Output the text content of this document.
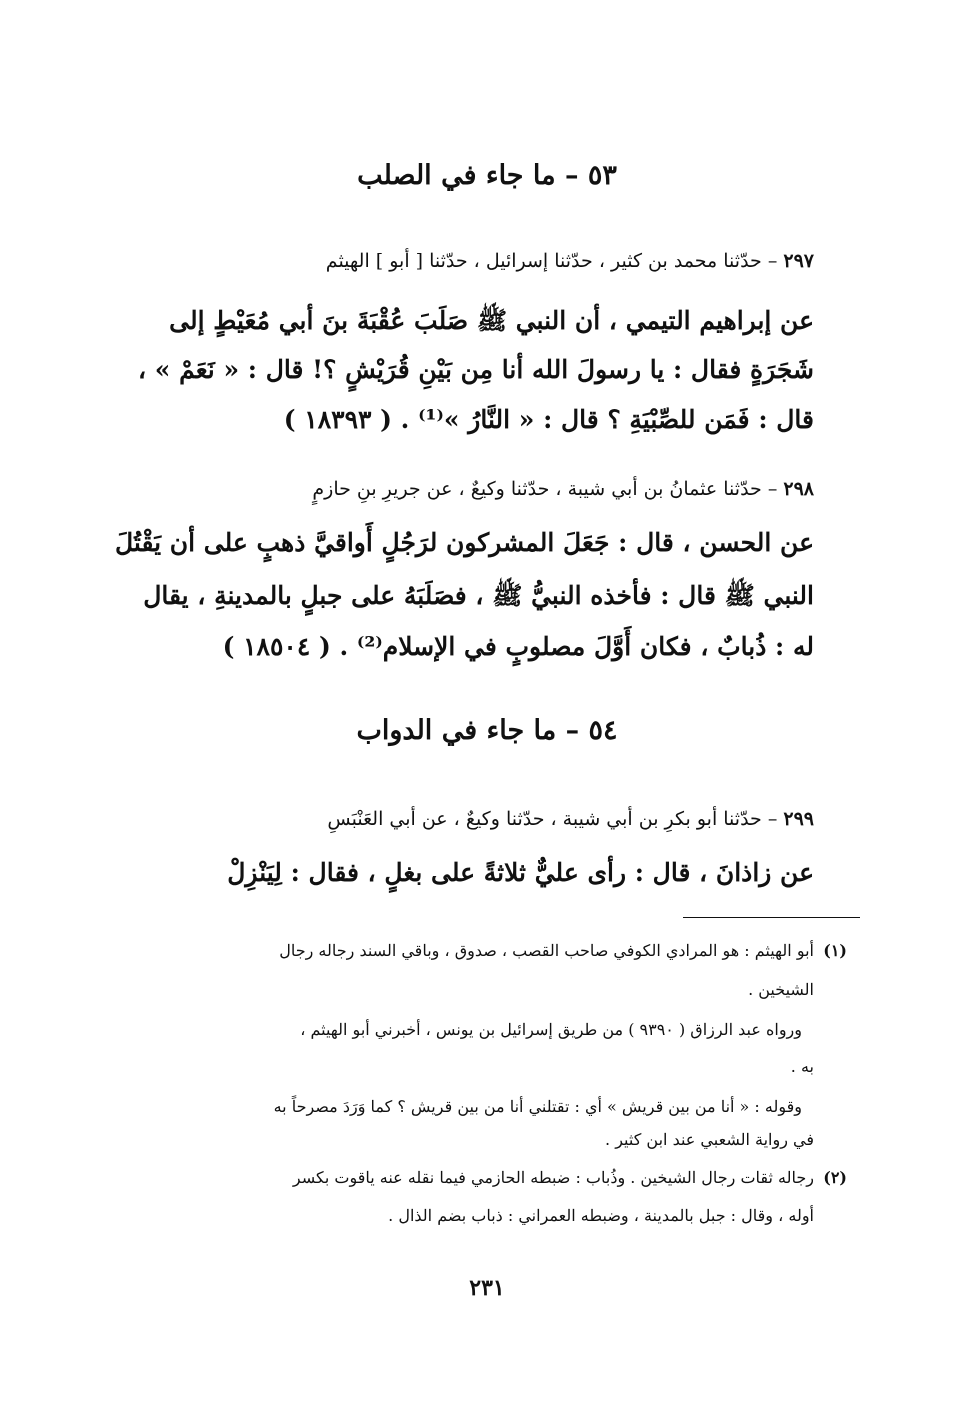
٥٣ – ما جاء في الصلب
٢٩٧ – حدّثنا محمد بن كثير ، حدّثنا إسرائيل ، حدّثنا [ أبو ] الهيثم
عن إبراهيم التيمي ، أن النبي ﷺ صَلَبَ عُقْبَةَ بنَ أبي مُعَيْطٍ إلى
شَجَرَةٍ فقال : يا رسولَ الله أنا مِن بَيْنِ قُرَيْشٍ ؟! قال : « نَعَمْ » ،
قال : فَمَن للصِّبْيَةِ ؟ قال : « النَّارُ »⁽¹⁾ . ( ١٨٣٩٣ )
٢٩٨ – حدّثنا عثمانُ بن أبي شيبة ، حدّثنا وكيعٌ ، عن جريرِ بنِ حازمٍ
عن الحسن ، قال : جَعَلَ المشركون لرَجُلٍ أَواقيَّ ذهبٍ على أن يَقْتُلَ
النبي ﷺ قال : فأخذه النبيُّ ﷺ ، فصَلَبَهُ على جبلٍ بالمدينةِ ، يقال
له : ذُبابٌ ، فكان أَوَّلَ مصلوبٍ في الإسلام⁽²⁾ . ( ١٨٥٠٤ )
٥٤ – ما جاء في الدواب
٢٩٩ – حدّثنا أبو بكرِ بن أبي شيبة ، حدّثنا وكيعٌ ، عن أبي العَنْبَسِ
عن زاذانَ ، قال : رأى عليٌّ ثلاثةً على بغلٍ ، فقال : لِيَنْزِلْ
(١)
أبو الهيثم : هو المرادي الكوفي صاحب القصب ، صدوق ، وباقي السند رجاله رجال
الشيخين .
ورواه عبد الرزاق ( ٩٣٩٠ ) من طريق إسرائيل بن يونس ، أخبرني أبو الهيثم ،
به .
وقوله : « أنا من بين قريش » أي : تقتلني أنا من بين قريش ؟ كما وَرَدَ مصرحاً به
في رواية الشعبي عند ابن كثير .
(٢)
رجاله ثقات رجال الشيخين . وذُباب : ضبطه الحازمي فيما نقله عنه ياقوت بكسر
أوله ، وقال : جبل بالمدينة ، وضبطه العمراني : ذباب بضم الذال .
٢٣١
